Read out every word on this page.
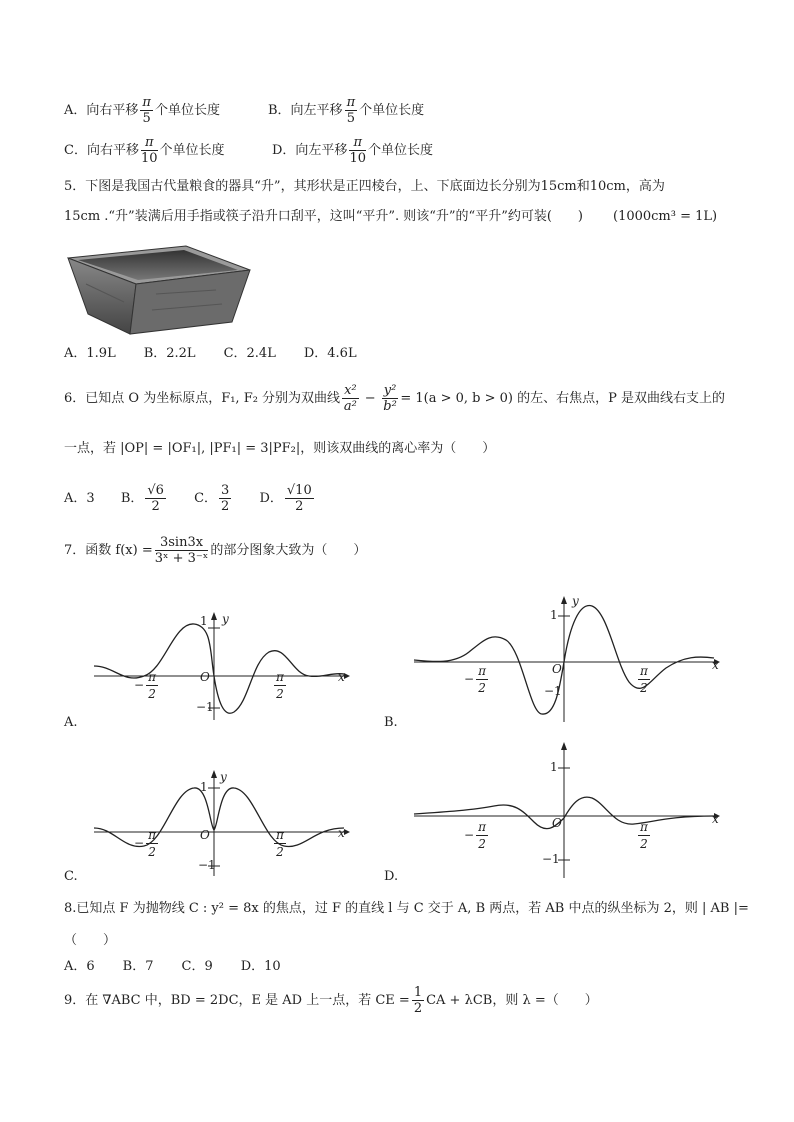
A．向右平移 $\frac{\pi}{5}$ 个单位长度	B．向左平移 $\frac{\pi}{5}$ 个单位长度
C．向右平移 $\frac{\pi}{10}$ 个单位长度	D．向左平移 $\frac{\pi}{10}$ 个单位长度
5．下图是我国古代量粮食的器具“升”，其形状是正四棱台，上、下底面边长分别为15cm和10cm，高为
15cm .“升”装满后用手指或筷子沿升口刮平，这叫“平升”. 则该“升”的“平升”约可装(　　) (1000cm³ = 1L)
A．1.9L B．2.2L C．2.4L D．4.6L
6．已知点 O 为坐标原点，F₁, F₂ 分别为双曲线 $\frac{\text{x²}}{\text{a²}} - \frac{\text{y²}}{\text{b²}} = 1(a > 0$, b > 0) 的左、右焦点，P 是双曲线右支上的
一点，若 |OP| = |OF₁|, |PF₁| = 3|PF₂|，则该双曲线的离心率为（　　）
A．3 B． $\frac{√6}{2}$ C． $\frac{3}{2}$ D． $\frac{√10}{2}$
7．函数 $f(x) = \frac{3\sin 3x}{\text{3ˣ + 3⁻ˣ}}$ 的部分图象大致为（　　）
y
1
x
O
−1
− $\frac{\pi}{2}$	$\frac{\pi}{2}$
A.
y
1
x
O
−1
− $\frac{\pi}{2}$	$\frac{\pi}{2}$
B.
y
1
x
O
−1
− $\frac{\pi}{2}$	$\frac{\pi}{2}$
C.
1
x
O
−1
− $\frac{\pi}{2}$	$\frac{\pi}{2}$
D.
8.已知点 F 为抛物线 C : y² = 8x 的焦点，过 F 的直线 l 与 C 交于 A, B 两点，若 AB 中点的纵坐标为 2，则 | AB |=
（　　）
A．6 B．7 C．9 D．10
9．在 ∇ABC 中，BD = 2DC，E 是 AD 上一点，若 CE = $\frac{1}{2}$ CA + λCB，则 λ =（　　）
